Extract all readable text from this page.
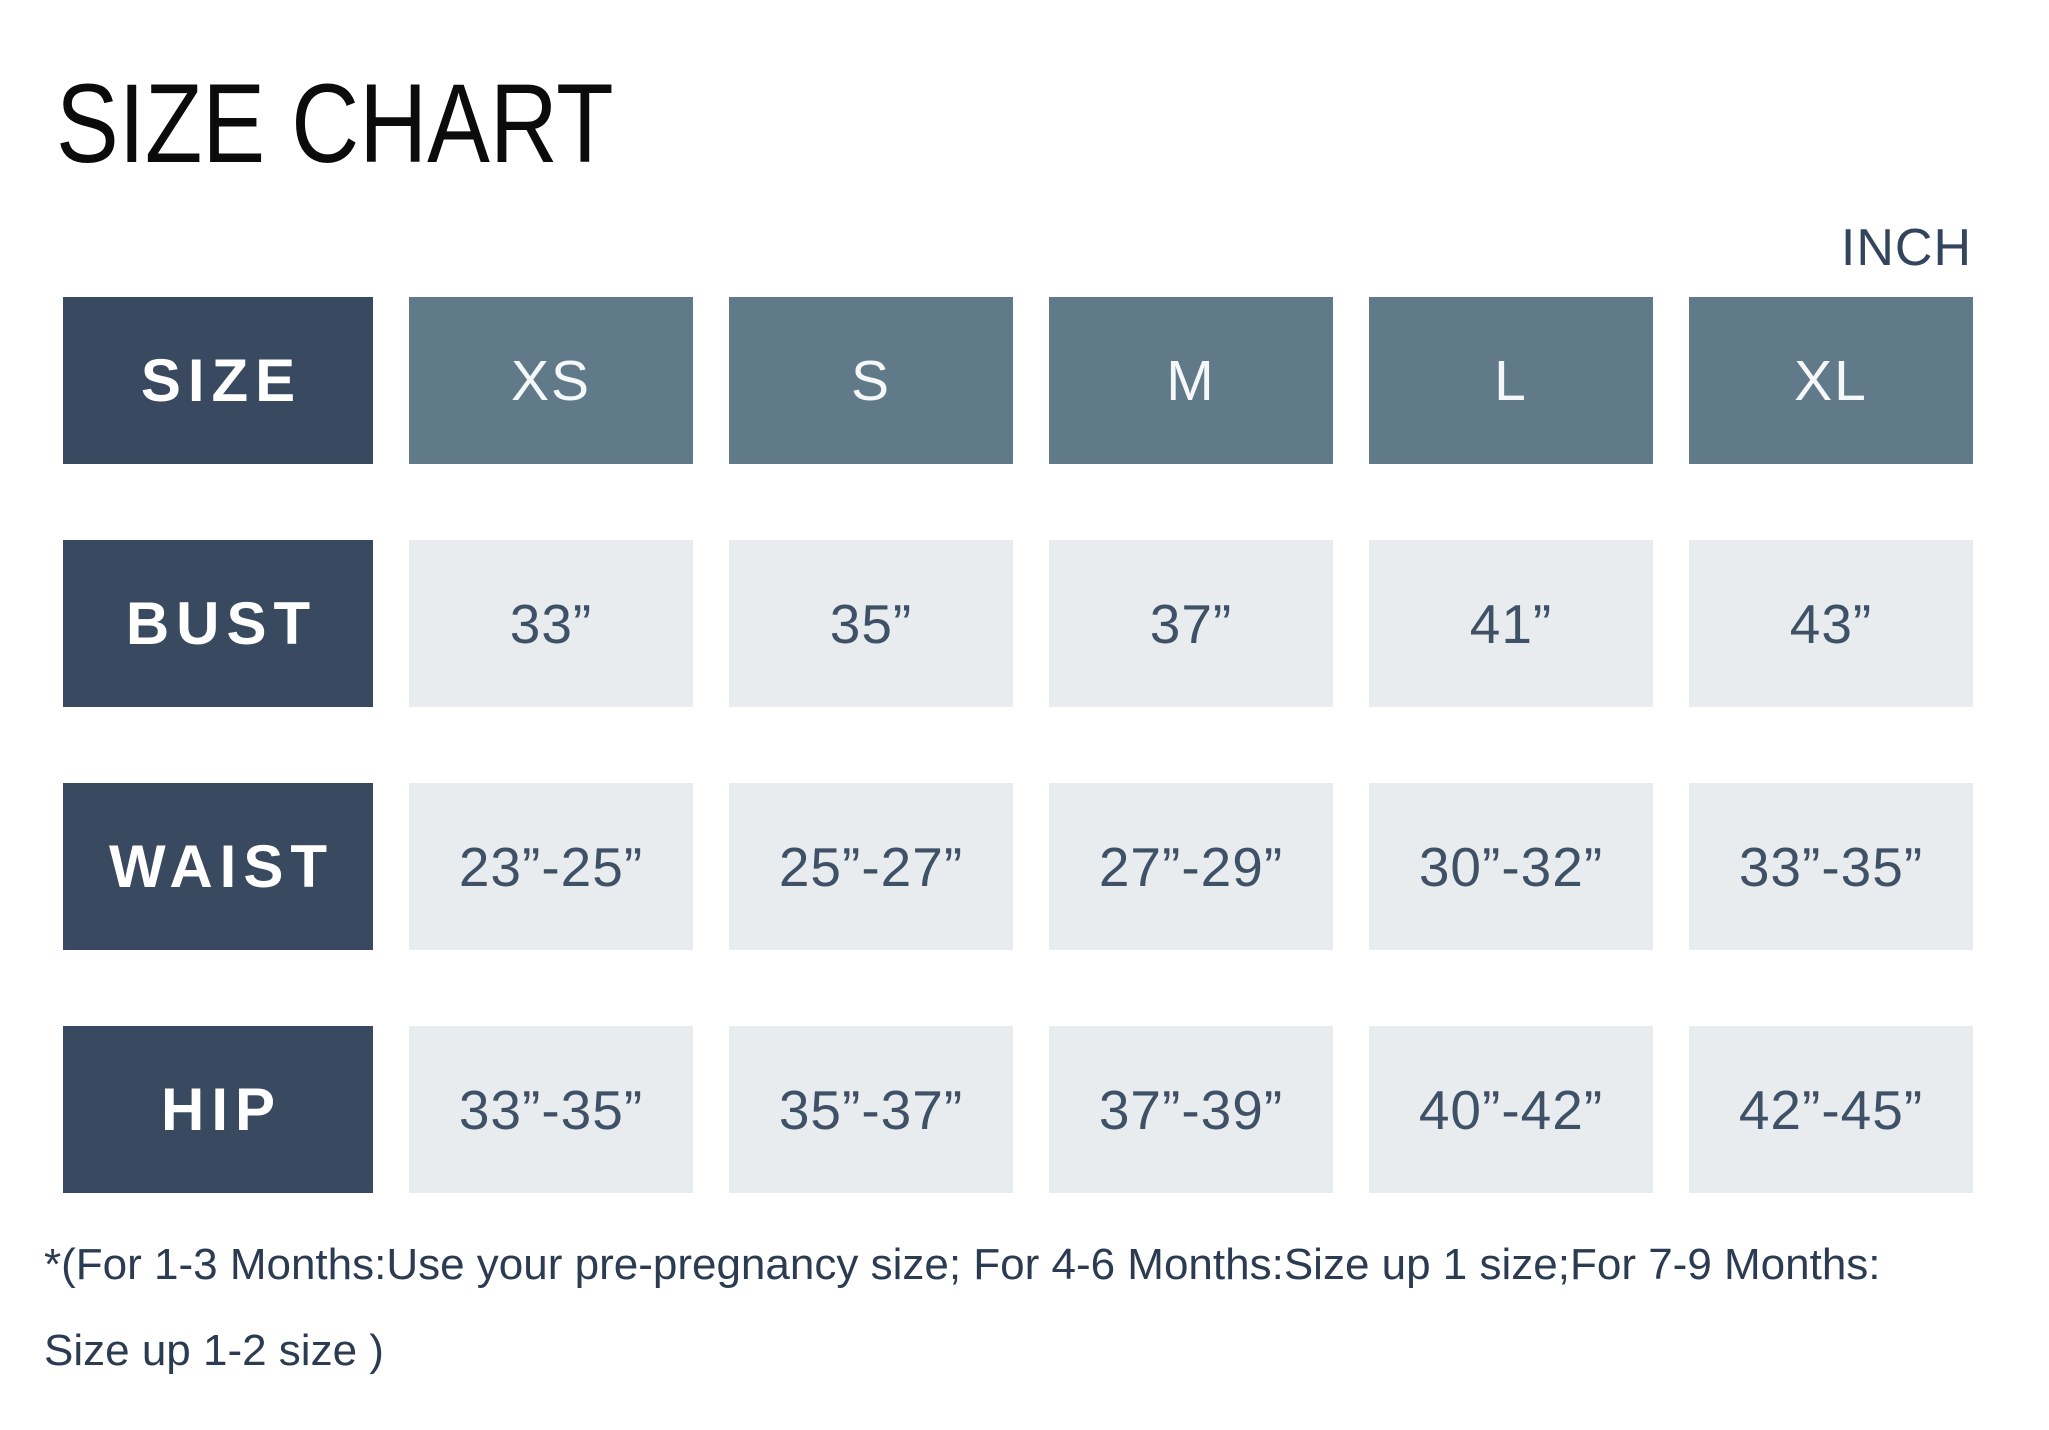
SIZE CHART
INCH
SIZE	XS	S	M	L	XL
BUST	33”	35”	37”	41”	43”
WAIST	23”-25”	25”-27”	27”-29”	30”-32”	33”-35”
HIP	33”-35”	35”-37”	37”-39”	40”-42”	42”-45”
*(For 1-3 Months:Use your pre-pregnancy size; For 4-6 Months:Size up 1 size;For 7-9 Months:
Size up 1-2 size )
